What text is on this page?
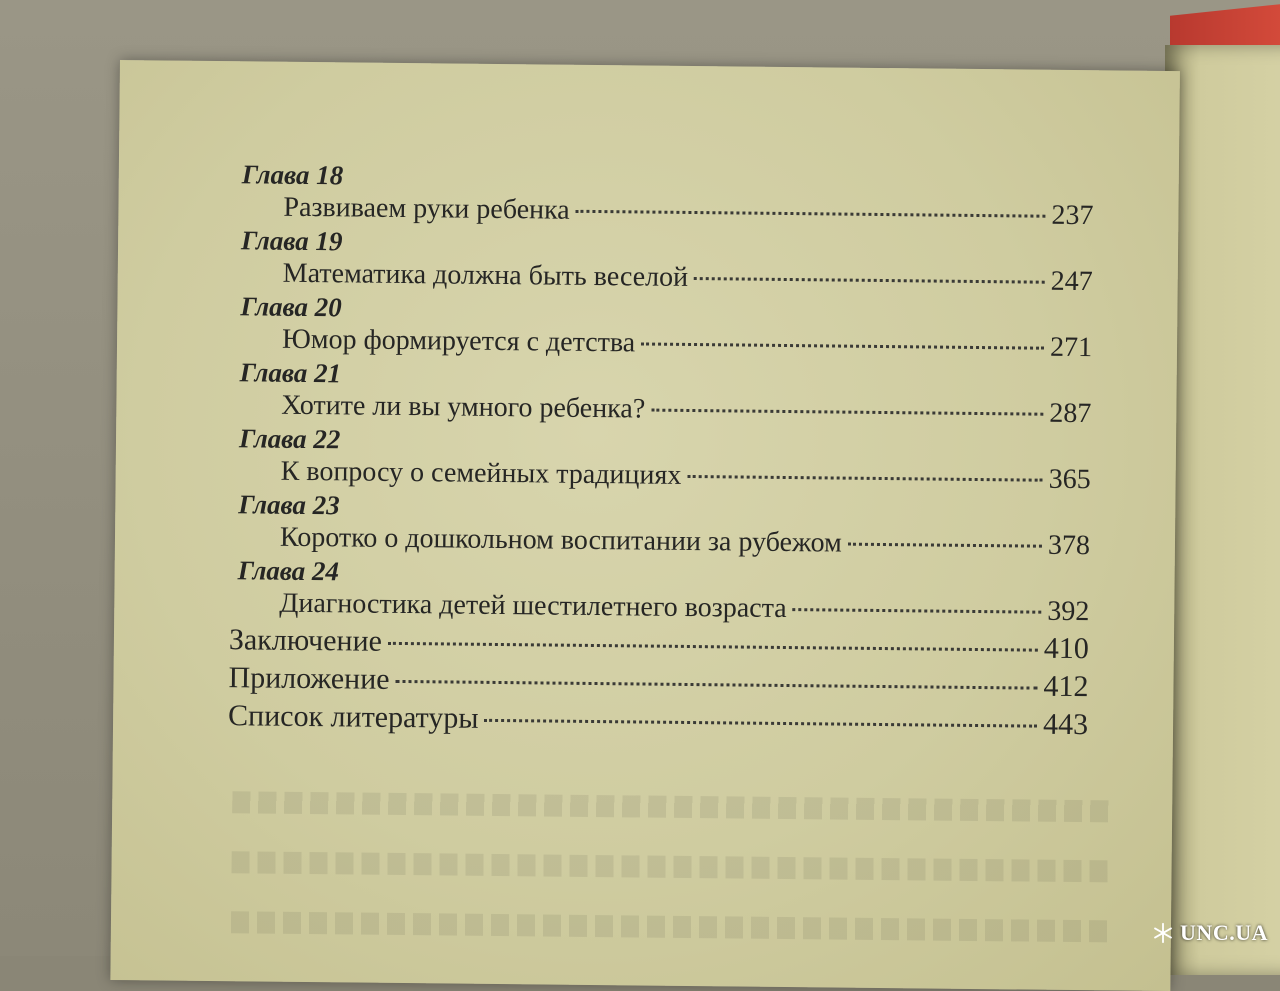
Глава 18
Развиваем руки ребенка	237
Глава 19
Математика должна быть веселой	247
Глава 20
Юмор формируется с детства	271
Глава 21
Хотите ли вы умного ребенка?	287
Глава 22
К вопросу о семейных традициях	365
Глава 23
Коротко о дошкольном воспитании за рубежом	378
Глава 24
Диагностика детей шестилетнего возраста	392
Заключение	410
Приложение	412
Список литературы	443
UNC.UA
